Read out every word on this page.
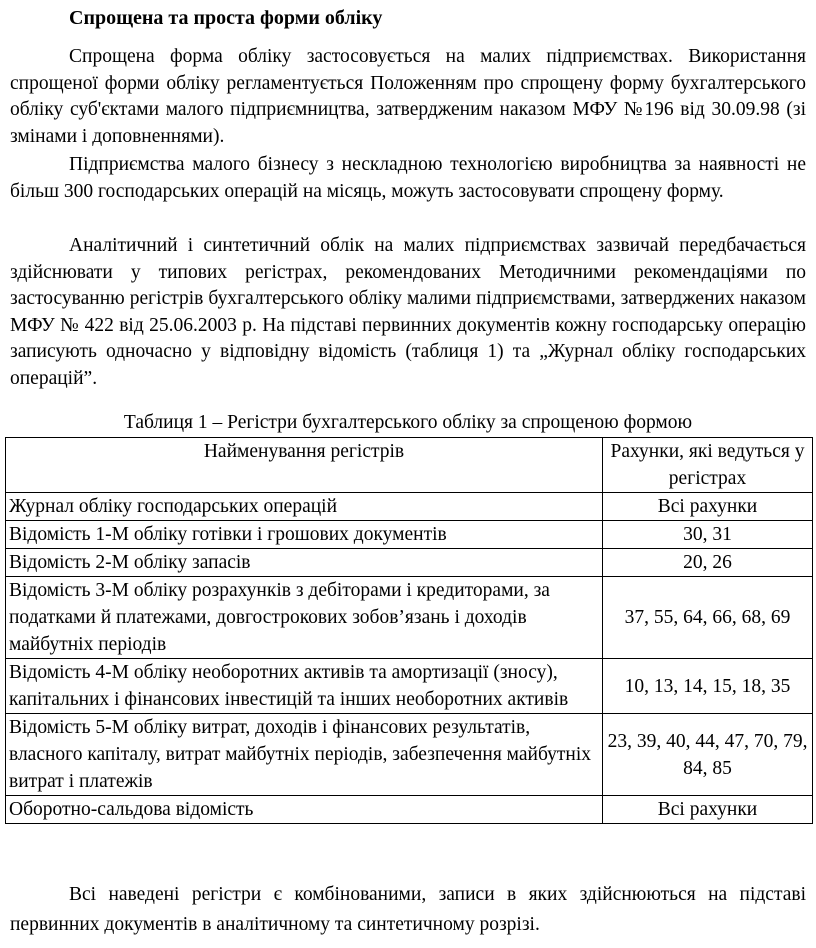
Спрощена та проста форми обліку

Спрощена форма обліку застосовується на малих підприємствах. Використання спрощеної форми обліку регламентується Положенням про спрощену форму бухгалтерського обліку суб'єктами малого підприємництва, затвердженим наказом МФУ №196 від 30.09.98 (зі змінами і доповненнями).

Підприємства малого бізнесу з нескладною технологією виробництва за наявності не більш 300 господарських операцій на місяць, можуть застосовувати спрощену форму.

Аналітичний і синтетичний облік на малих підприємствах зазвичай передбачається здійснювати у типових регістрах, рекомендованих Методичними рекомендаціями по застосуванню регістрів бухгалтерського обліку малими підприємствами, затверджених наказом МФУ № 422 від 25.06.2003 р. На підставі первинних документів кожну господарську операцію записують одночасно у відповідну відомість (таблиця 1) та „Журнал обліку господарських операцій”.

Таблиця 1 – Регістри бухгалтерського обліку за спрощеною формою
Найменування регістрів	Рахунки, які ведуться у регістрах
Журнал обліку господарських операцій	Всі рахунки
Відомість 1-М обліку готівки і грошових документів	30, 31
Відомість 2-М обліку запасів	20, 26
Відомість 3-М обліку розрахунків з дебіторами і кредиторами, за податками й платежами, довгострокових зобов’язань і доходів майбутніх періодів	37, 55, 64, 66, 68, 69
Відомість 4-М обліку необоротних активів та амортизації (зносу), капітальних і фінансових інвестицій та інших необоротних активів	10, 13, 14, 15, 18, 35
Відомість 5-М обліку витрат, доходів і фінансових результатів, власного капіталу, витрат майбутніх періодів, забезпечення майбутніх витрат і платежів	23, 39, 40, 44, 47, 70, 79, 84, 85
Оборотно-сальдова відомість	Всі рахунки

Всі наведені регістри є комбінованими, записи в яких здійснюються на підставі первинних документів в аналітичному та синтетичному розрізі.
